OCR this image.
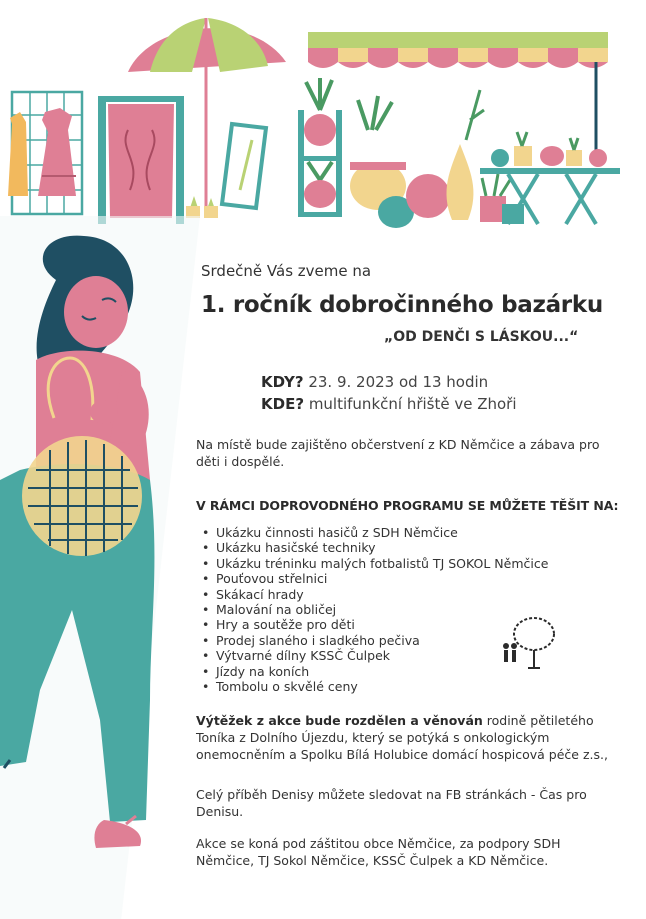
Srdečně Vás zveme na

1. ročník dobročinného bazárku

„OD DENČI S LÁSKOU...“

KDY? 23. 9. 2023 od 13 hodin

KDE? multifunkční hřiště ve Zhoři

Na místě bude zajištěno občerstvení z KD Němčice a zábava pro děti i dospělé.

V RÁMCI DOPROVODNÉHO PROGRAMU SE MŮŽETE TĚŠIT NA:

• Ukázku činnosti hasičů z SDH Němčice
• Ukázku hasičské techniky
• Ukázku tréninku malých fotbalistů TJ SOKOL Němčice
• Pouťovou střelnici
• Skákací hrady
• Malování na obličej
• Hry a soutěže pro děti
• Prodej slaného i sladkého pečiva
• Výtvarné dílny KSSČ Čulpek
• Jízdy na koních
• Tombolu o skvělé ceny

Výtěžek z akce bude rozdělen a věnován rodině pětiletého Toníka z Dolního Újezdu, který se potýká s onkologickým onemocněním a Spolku Bílá Holubice domácí hospicová péče z.s.,

Celý příběh Denisy můžete sledovat na FB stránkách - Čas pro Denisu.

Akce se koná pod záštitou obce Němčice, za podpory SDH Němčice, TJ Sokol Němčice, KSSČ Čulpek a KD Němčice.
